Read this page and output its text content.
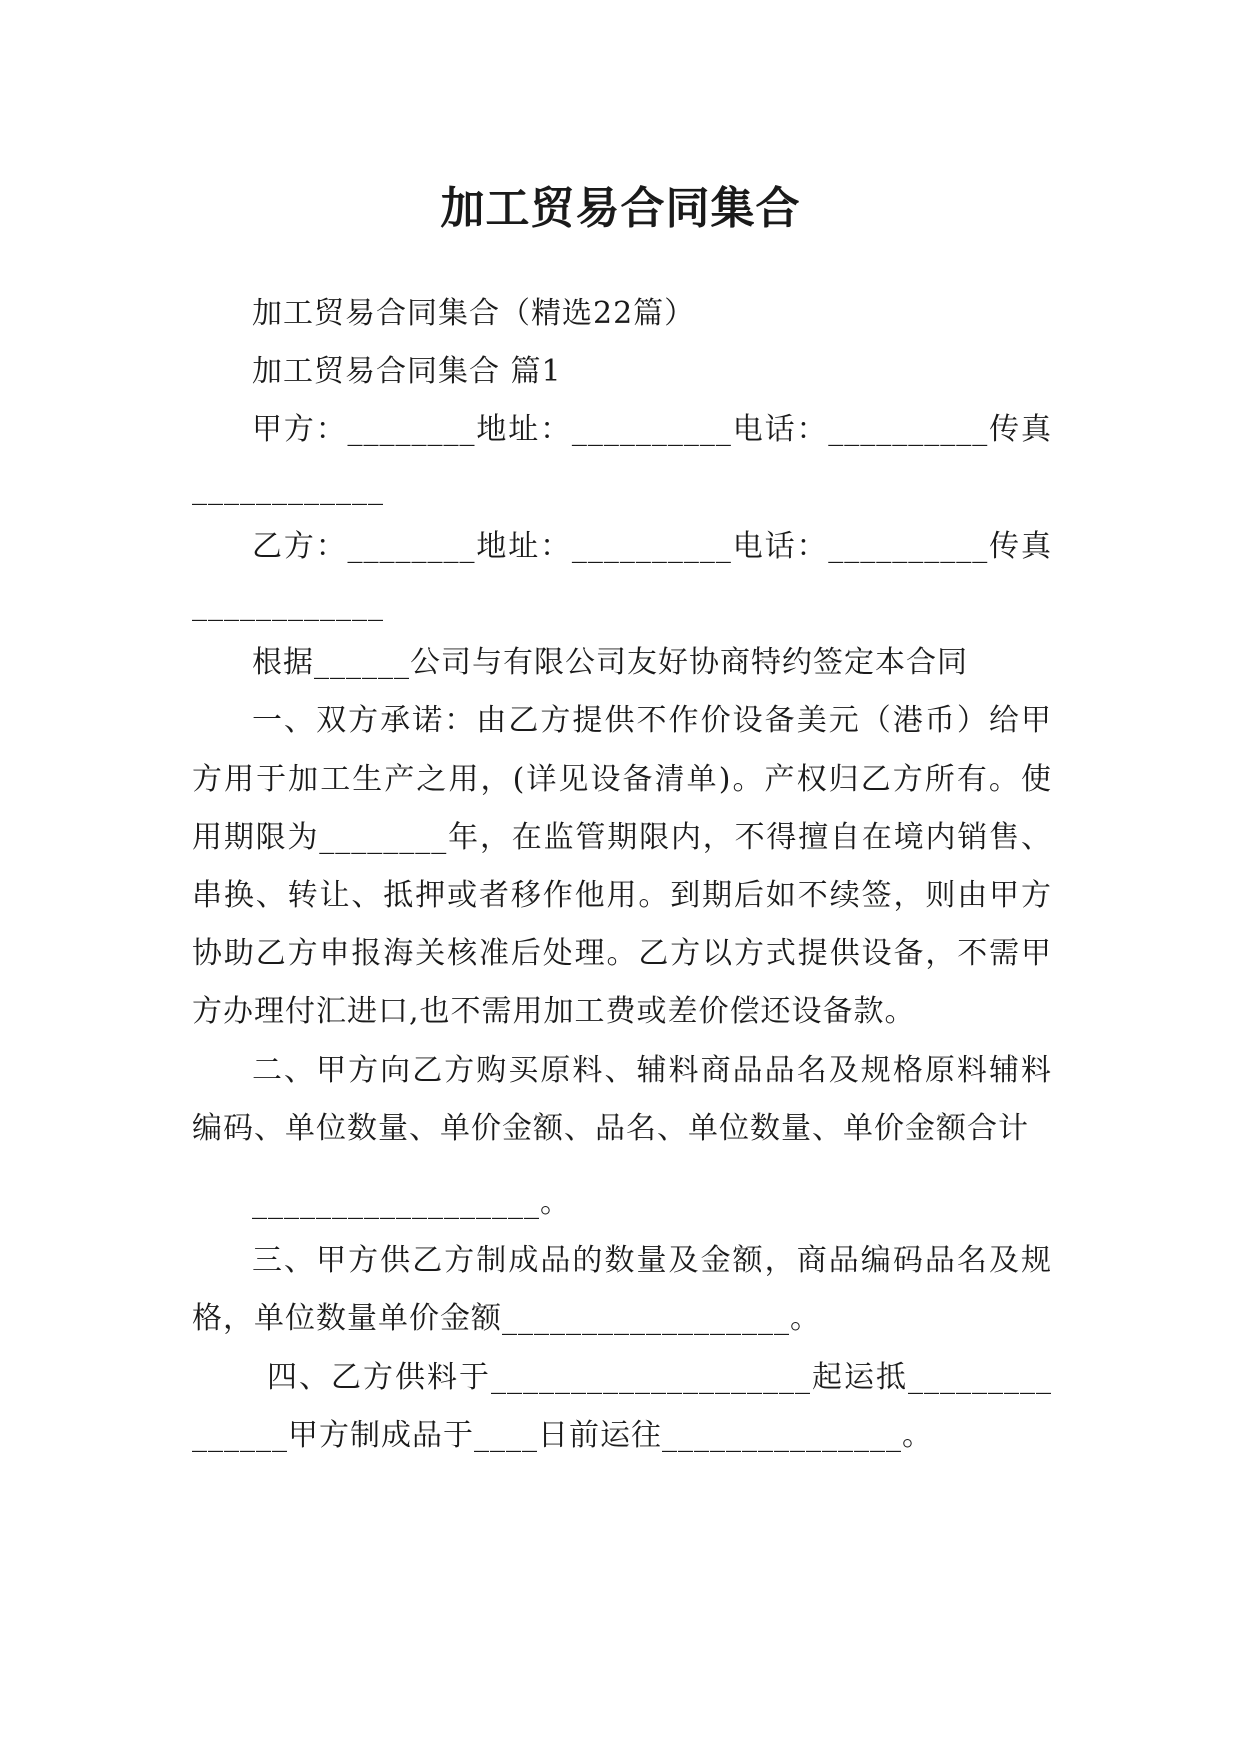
加工贸易合同集合

加工贸易合同集合（精选22篇）

加工贸易合同集合 篇1

甲方：________地址：__________电话：__________传真____________

乙方：________地址：__________电话：__________传真____________

根据______公司与有限公司友好协商特约签定本合同

一、双方承诺：由乙方提供不作价设备美元（港币）给甲方用于加工生产之用，(详见设备清单)。产权归乙方所有。使用期限为________年，在监管期限内，不得擅自在境内销售、串换、转让、抵押或者移作他用。到期后如不续签，则由甲方协助乙方申报海关核准后处理。乙方以方式提供设备，不需甲方办理付汇进口,也不需用加工费或差价偿还设备款。

二、甲方向乙方购买原料、辅料商品品名及规格原料辅料编码、单位数量、单价金额、品名、单位数量、单价金额合计

__________________。

三、甲方供乙方制成品的数量及金额，商品编码品名及规格，单位数量单价金额__________________。

四、乙方供料于____________________起运抵_______________甲方制成品于____日前运往_______________。
